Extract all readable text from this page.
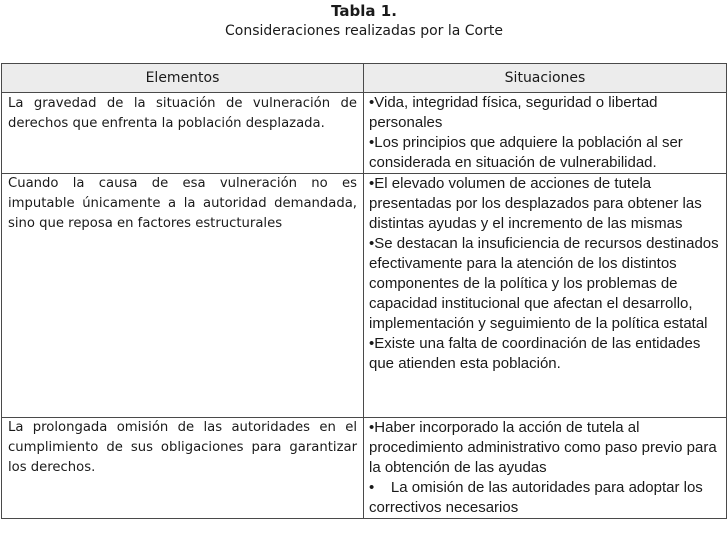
Tabla 1.
Consideraciones realizadas por la Corte
Elementos	Situaciones

La gravedad de la situación de vulneración de derechos que enfrenta la población desplazada.	•Vida, integridad física, seguridad o libertad personales

•Los principios que adquiere la población al ser considerada en situación de vulnerabilidad.

Cuando la causa de esa vulneración no es imputable únicamente a la autoridad demandada, sino que reposa en factores estructurales	•El elevado volumen de acciones de tutela presentadas por los desplazados para obtener las distintas ayudas y el incremento de las mismas

•Se destacan la insuficiencia de recursos destinados efectivamente para la atención de los distintos componentes de la política y los problemas de capacidad institucional que afectan el desarrollo, implementación y seguimiento de la política estatal

•Existe una falta de coordinación de las entidades que atienden esta población.

La prolongada omisión de las autoridades en el cumplimiento de sus obligaciones para garantizar los derechos.	•Haber incorporado la acción de tutela al procedimiento administrativo como paso previo para la obtención de las ayudas

•    La omisión de las autoridades para adoptar los correctivos necesarios
